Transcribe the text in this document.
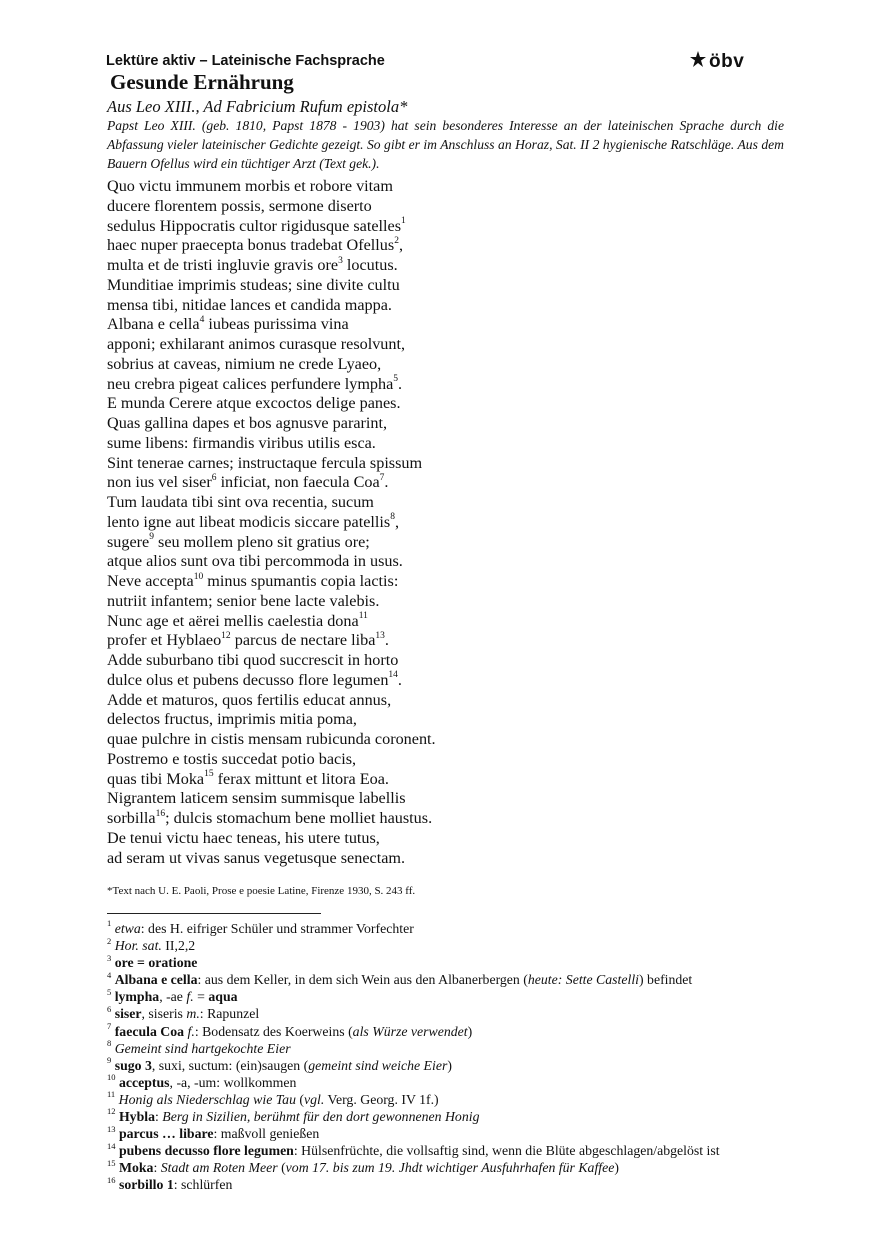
Lektüre aktiv – Lateinische Fachsprache	öbv
Gesunde Ernährung
Aus Leo XIII., Ad Fabricium Rufum epistola*
Papst Leo XIII. (geb. 1810, Papst 1878 - 1903) hat sein besonderes Interesse an der lateinischen Sprache durch die Abfassung vieler lateinischer Gedichte gezeigt. So gibt er im Anschluss an Horaz, Sat. II 2 hygienische Ratschläge. Aus dem Bauern Ofellus wird ein tüchtiger Arzt (Text gek.).
Quo victu immunem morbis et robore vitam
ducere florentem possis, sermone diserto
sedulus Hippocratis cultor rigidusque satelles$^1$
haec nuper praecepta bonus tradebat Ofellus$^2$,
multa et de tristi ingluvie gravis ore$^3$ locutus.
Munditiae imprimis studeas; sine divite cultu
mensa tibi, nitidae lances et candida mappa.
Albana e cella$^4$ iubeas purissima vina
apponi; exhilarant animos curasque resolvunt,
sobrius at caveas, nimium ne crede Lyaeo,
neu crebra pigeat calices perfundere lympha$^5$.
E munda Cerere atque excoctos delige panes.
Quas gallina dapes et bos agnusve pararint,
sume libens: firmandis viribus utilis esca.
Sint tenerae carnes; instructaque fercula spissum
non ius vel siser$^6$ inficiat, non faecula Coa$^7$.
Tum laudata tibi sint ova recentia, sucum
lento igne aut libeat modicis siccare patellis$^8$,
sugere$^9$ seu mollem pleno sit gratius ore;
atque alios sunt ova tibi percommoda in usus.
Neve accepta$^{10}$ minus spumantis copia lactis:
nutriit infantem; senior bene lacte valebis.
Nunc age et aërei mellis caelestia dona$^{11}$
profer et Hyblaeo$^{12}$ parcus de nectare liba$^{13}$.
Adde suburbano tibi quod succrescit in horto
dulce olus et pubens decusso flore legumen$^{14}$.
Adde et maturos, quos fertilis educat annus,
delectos fructus, imprimis mitia poma,
quae pulchre in cistis mensam rubicunda coronent.
Postremo e tostis succedat potio bacis,
quas tibi Moka$^{15}$ ferax mittunt et litora Eoa.
Nigrantem laticem sensim summisque labellis
sorbilla$^{16}$; dulcis stomachum bene molliet haustus.
De tenui victu haec teneas, his utere tutus,
ad seram ut vivas sanus vegetusque senectam.
*Text nach U. E. Paoli, Prose e poesie Latine, Firenze 1930, S. 243 ff.
$^1$ etwa: des H. eifriger Schüler und strammer Vorfechter
$^2$ Hor. sat. II,2,2
$^3$ ore = oratione
$^4$ Albana e cella: aus dem Keller, in dem sich Wein aus den Albanerbergen (heute: Sette Castelli) befindet
$^5$ lympha, -ae f. = aqua
$^6$ siser, siseris m.: Rapunzel
$^7$ faecula Coa f.: Bodensatz des Koerweins (als Würze verwendet)
$^8$ Gemeint sind hartgekochte Eier
$^9$ sugo 3, suxi, suctum: (ein)saugen (gemeint sind weiche Eier)
$^{10}$ acceptus, -a, -um: wollkommen
$^{11}$ Honig als Niederschlag wie Tau (vgl. Verg. Georg. IV 1f.)
$^{12}$ Hybla: Berg in Sizilien, berühmt für den dort gewonnenen Honig
$^{13}$ parcus … libare: maßvoll genießen
$^{14}$ pubens decusso flore legumen: Hülsenfrüchte, die vollsaftig sind, wenn die Blüte abgeschlagen/abgelöst ist
$^{15}$ Moka: Stadt am Roten Meer (vom 17. bis zum 19. Jhdt wichtiger Ausfuhrhafen für Kaffee)
$^{16}$ sorbillo 1: schlürfen
